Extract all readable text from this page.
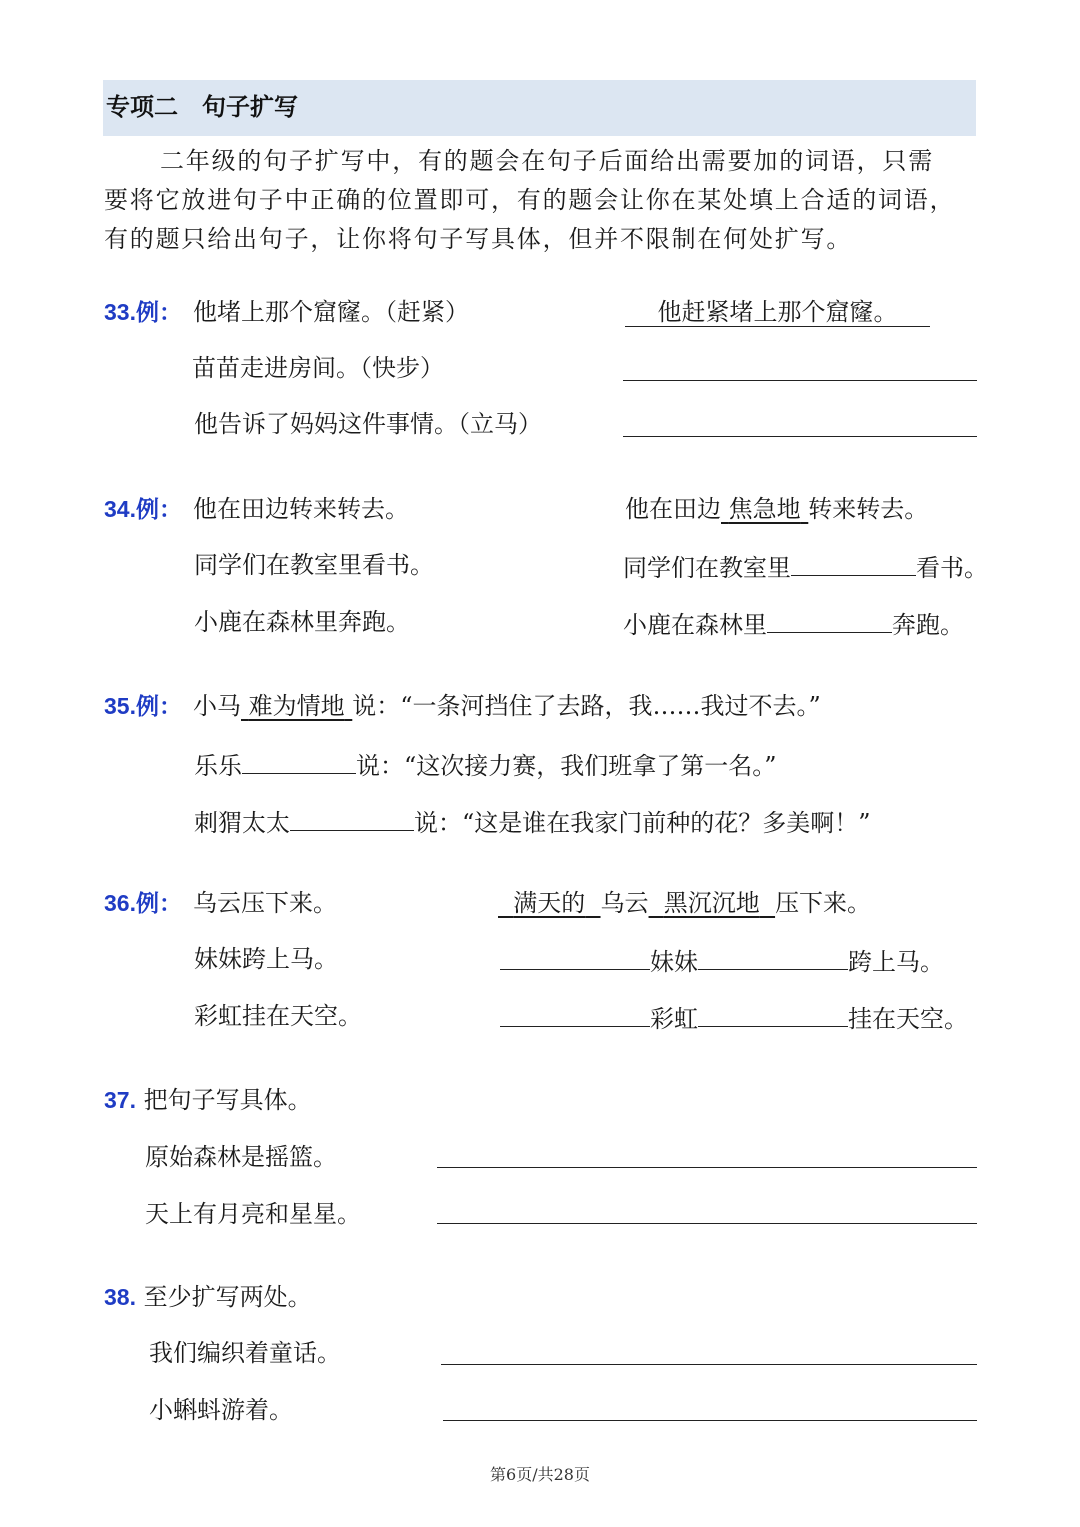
专项二　句子扩写
二年级的句子扩写中，有的题会在句子后面给出需要加的词语，只需
要将它放进句子中正确的位置即可，有的题会让你在某处填上合适的词语，
有的题只给出句子，让你将句子写具体，但并不限制在何处扩写。
33.例： 他堵上那个窟窿。（赶紧）	他赶紧堵上那个窟窿。
苗苗走进房间。（快步）
他告诉了妈妈这件事情。（立马）
34.例： 他在田边转来转去。	他在田边 焦急地 转来转去。
同学们在教室里看书。	同学们在教室里	看书。
小鹿在森林里奔跑。	小鹿在森林里	奔跑。
35.例： 小马 难为情地 说：“一条河挡住了去路，我……我过不去。”
乐乐	说：“这次接力赛，我们班拿了第一名。”
刺猬太太	说：“这是谁在我家门前种的花？多美啊！”
36.例： 乌云压下来。	满天的 乌云 黑沉沉地 压下来。
妹妹跨上马。	妹妹	跨上马。
彩虹挂在天空。	彩虹	挂在天空。
37. 把句子写具体。
原始森林是摇篮。
天上有月亮和星星。
38. 至少扩写两处。
我们编织着童话。
小蝌蚪游着。
第6页/共28页
